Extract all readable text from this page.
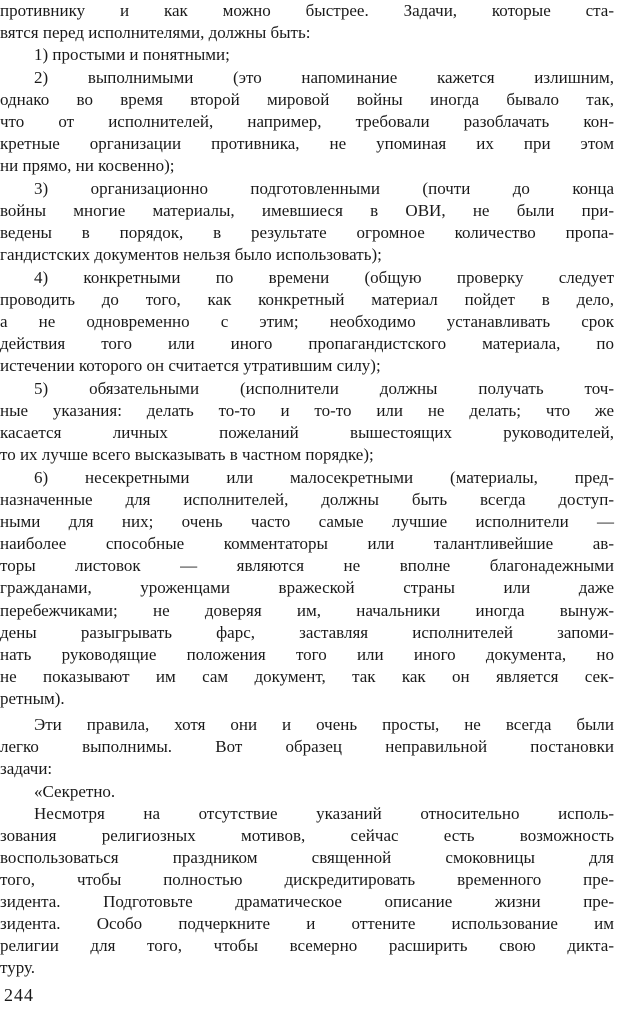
противнику и как можно быстрее. Задачи, которые ста-
вятся перед исполнителями, должны быть:
1) простыми и понятными;
2) выполнимыми (это напоминание кажется излишним,
однако во время второй мировой войны иногда бывало так,
что от исполнителей, например, требовали разоблачать кон-
кретные организации противника, не упоминая их при этом
ни прямо, ни косвенно);
3) организационно подготовленными (почти до конца
войны многие материалы, имевшиеся в ОВИ, не были при-
ведены в порядок, в результате огромное количество пропа-
гандистских документов нельзя было использовать);
4) конкретными по времени (общую проверку следует
проводить до того, как конкретный материал пойдет в дело,
а не одновременно с этим; необходимо устанавливать срок
действия того или иного пропагандистского материала, по
истечении которого он считается утратившим силу);
5) обязательными (исполнители должны получать точ-
ные указания: делать то-то и то-то или не делать; что же
касается личных пожеланий вышестоящих руководителей,
то их лучше всего высказывать в частном порядке);
6) несекретными или малосекретными (материалы, пред-
назначенные для исполнителей, должны быть всегда доступ-
ными для них; очень часто самые лучшие исполнители —
наиболее способные комментаторы или талантливейшие ав-
торы листовок — являются не вполне благонадежными
гражданами, уроженцами вражеской страны или даже
перебежчиками; не доверяя им, начальники иногда вынуж-
дены разыгрывать фарс, заставляя исполнителей запоми-
нать руководящие положения того или иного документа, но
не показывают им сам документ, так как он является сек-
ретным).
Эти правила, хотя они и очень просты, не всегда были
легко выполнимы. Вот образец неправильной постановки
задачи:
«Секретно.
Несмотря на отсутствие указаний относительно исполь-
зования религиозных мотивов, сейчас есть возможность
воспользоваться праздником священной смоковницы для
того, чтобы полностью дискредитировать временного пре-
зидента. Подготовьте драматическое описание жизни пре-
зидента. Особо подчеркните и оттените использование им
религии для того, чтобы всемерно расширить свою дикта-
туру.
244
